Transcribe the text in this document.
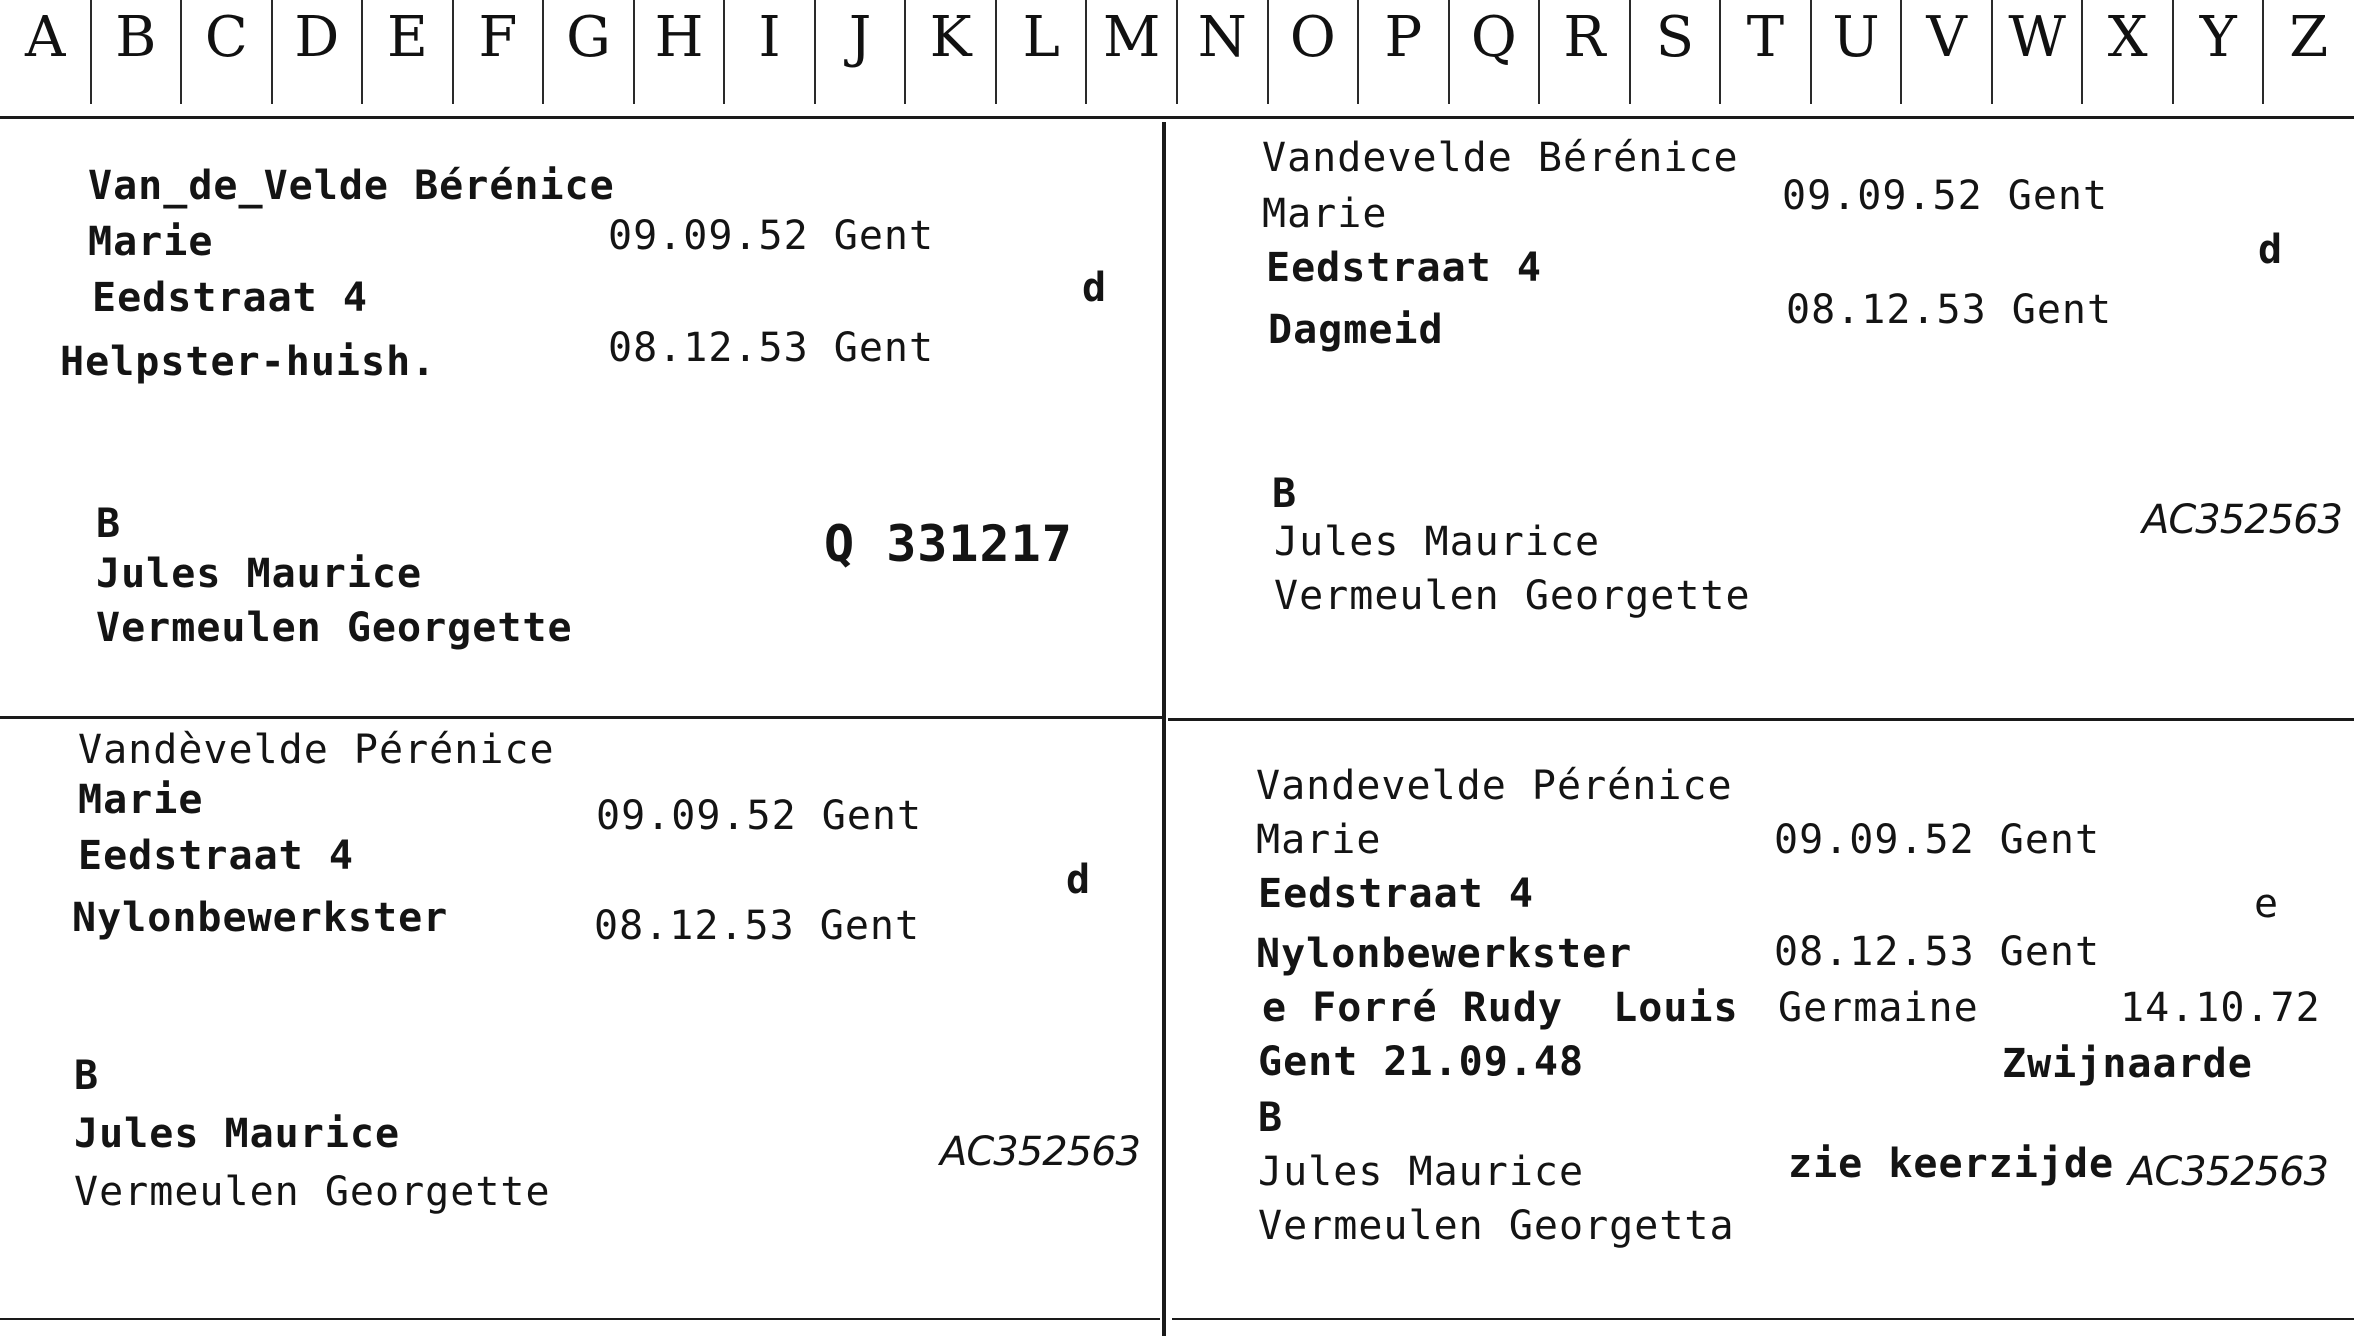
A B C D E F G H I	J	K L M N O P Q R S T U V W X Y Z
Van_de_Velde Bérénice
Marie
Eedstraat 4
Helpster-huish.
09.09.52 Gent
08.12.53 Gent
d
B
Jules Maurice
Vermeulen Georgette
Q 331217
Vandevelde Bérénice
Marie
Eedstraat 4
Dagmeid
09.09.52 Gent
08.12.53 Gent
d
B
Jules Maurice
Vermeulen Georgette
AC352563
Vandèvelde Pérénice
Marie
Eedstraat 4
Nylonbewerkster
09.09.52 Gent
08.12.53 Gent
d
B
Jules Maurice
Vermeulen Georgette
AC352563
Vandevelde Pérénice
Marie
Eedstraat 4
Nylonbewerkster
09.09.52 Gent
08.12.53 Gent
e
e Forré Rudy  Louis Germaine	14.10.72
Gent 21.09.48	Zwijnaarde
B
Jules Maurice
Vermeulen Georgetta
zie keerzijde AC352563
